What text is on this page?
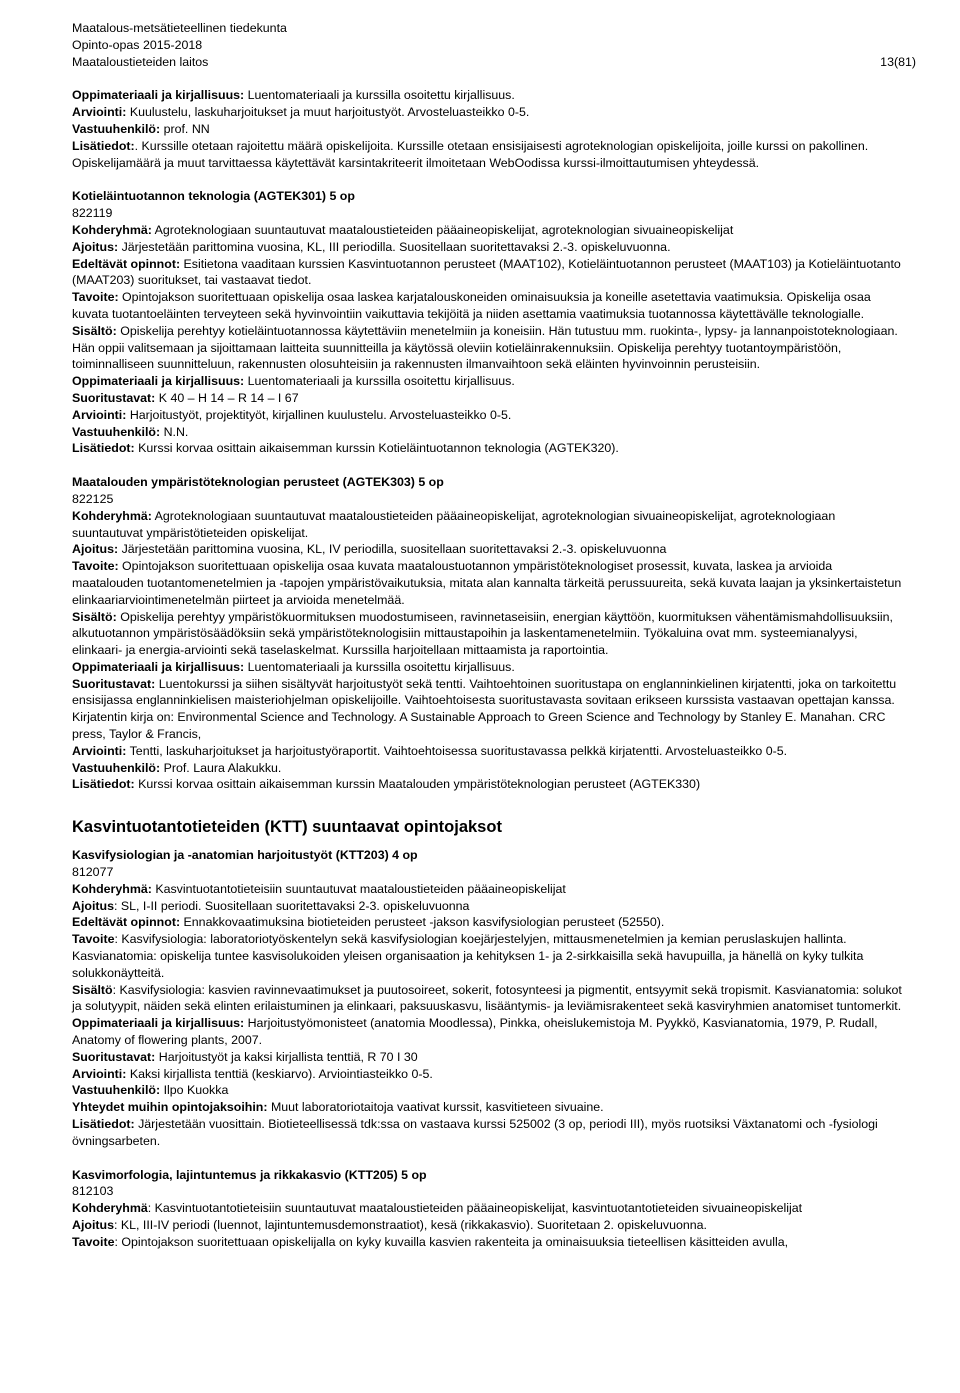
Maatalous-metsätieteellinen tiedekunta
Opinto-opas 2015-2018
Maataloustieteiden laitos	13(81)

Oppimateriaali ja kirjallisuus: Luentomateriaali ja kurssilla osoitettu kirjallisuus.

Arviointi: Kuulustelu, laskuharjoitukset ja muut harjoitustyöt. Arvosteluasteikko 0-5.

Vastuuhenkilö: prof. NN

Lisätiedot:. Kurssille otetaan rajoitettu määrä opiskelijoita. Kurssille otetaan ensisijaisesti agroteknologian opiskelijoita, joille kurssi on pakollinen. Opiskelijamäärä ja muut tarvittaessa käytettävät karsintakriteerit ilmoitetaan WebOodissa kurssi-ilmoittautumisen yhteydessä.

Kotieläintuotannon teknologia (AGTEK301) 5 op

822119

Kohderyhmä: Agroteknologiaan suuntautuvat maataloustieteiden pääaineopiskelijat, agroteknologian sivuaineopiskelijat

Ajoitus: Järjestetään parittomina vuosina, KL, III periodilla. Suositellaan suoritettavaksi 2.-3. opiskeluvuonna.

Edeltävät opinnot: Esitietona vaaditaan kurssien Kasvintuotannon perusteet (MAAT102), Kotieläintuotannon perusteet (MAAT103) ja Kotieläintuotanto (MAAT203) suoritukset, tai vastaavat tiedot.

Tavoite: Opintojakson suoritettuaan opiskelija osaa laskea karjatalouskoneiden ominaisuuksia ja koneille asetettavia vaatimuksia. Opiskelija osaa kuvata tuotantoeläinten terveyteen sekä hyvinvointiin vaikuttavia tekijöitä ja niiden asettamia vaatimuksia tuotannossa käytettävälle teknologialle.

Sisältö: Opiskelija perehtyy kotieläintuotannossa käytettäviin menetelmiin ja koneisiin. Hän tutustuu mm. ruokinta-, lypsy- ja lannanpoistoteknologiaan. Hän oppii valitsemaan ja sijoittamaan laitteita suunnitteilla ja käytössä oleviin kotieläinrakennuksiin. Opiskelija perehtyy tuotantoympäristöön, toiminnalliseen suunnitteluun, rakennusten olosuhteisiin ja rakennusten ilmanvaihtoon sekä eläinten hyvinvoinnin perusteisiin.

Oppimateriaali ja kirjallisuus: Luentomateriaali ja kurssilla osoitettu kirjallisuus.

Suoritustavat: K 40 – H 14 – R 14 – I 67

Arviointi: Harjoitustyöt, projektityöt, kirjallinen kuulustelu. Arvosteluasteikko 0-5.

Vastuuhenkilö: N.N.

Lisätiedot: Kurssi korvaa osittain aikaisemman kurssin Kotieläintuotannon teknologia (AGTEK320).

Maatalouden ympäristöteknologian perusteet (AGTEK303) 5 op

822125

Kohderyhmä: Agroteknologiaan suuntautuvat maataloustieteiden pääaineopiskelijat, agroteknologian sivuaineopiskelijat, agroteknologiaan suuntautuvat ympäristötieteiden opiskelijat.

Ajoitus: Järjestetään parittomina vuosina, KL, IV periodilla, suositellaan suoritettavaksi 2.-3. opiskeluvuonna

Tavoite: Opintojakson suoritettuaan opiskelija osaa kuvata maataloustuotannon ympäristöteknologiset prosessit, kuvata, laskea ja arvioida maatalouden tuotantomenetelmien ja -tapojen ympäristövaikutuksia, mitata alan kannalta tärkeitä perussuureita, sekä kuvata laajan ja yksinkertaistetun elinkaariarviointimenetelmän piirteet ja arvioida menetelmää.

Sisältö: Opiskelija perehtyy ympäristökuormituksen muodostumiseen, ravinnetaseisiin, energian käyttöön, kuormituksen vähentämismahdollisuuksiin, alkutuotannon ympäristösäädöksiin sekä ympäristöteknologisiin mittaustapoihin ja laskentamenetelmiin. Työkaluina ovat mm. systeemianalyysi, elinkaari- ja energia-arviointi sekä taselaskelmat. Kurssilla harjoitellaan mittaamista ja raportointia.

Oppimateriaali ja kirjallisuus: Luentomateriaali ja kurssilla osoitettu kirjallisuus.

Suoritustavat: Luentokurssi ja siihen sisältyvät harjoitustyöt sekä tentti. Vaihtoehtoinen suoritustapa on englanninkielinen kirjatentti, joka on tarkoitettu ensisijassa englanninkielisen maisteriohjelman opiskelijoille. Vaihtoehtoisesta suoritustavasta sovitaan erikseen kurssista vastaavan opettajan kanssa. Kirjatentin kirja on: Environmental Science and Technology. A Sustainable Approach to Green Science and Technology by Stanley E. Manahan. CRC press, Taylor & Francis,

Arviointi: Tentti, laskuharjoitukset ja harjoitustyöraportit. Vaihtoehtoisessa suoritustavassa pelkkä kirjatentti. Arvosteluasteikko 0-5.

Vastuuhenkilö: Prof. Laura Alakukku.

Lisätiedot: Kurssi korvaa osittain aikaisemman kurssin Maatalouden ympäristöteknologian perusteet (AGTEK330)

Kasvintuotantotieteiden (KTT) suuntaavat opintojaksot

Kasvifysiologian ja -anatomian harjoitustyöt (KTT203) 4 op

812077

Kohderyhmä: Kasvintuotantotieteisiin suuntautuvat maataloustieteiden pääaineopiskelijat

Ajoitus: SL, I-II periodi. Suositellaan suoritettavaksi 2-3. opiskeluvuonna

Edeltävät opinnot: Ennakkovaatimuksina biotieteiden perusteet -jakson kasvifysiologian perusteet (52550).

Tavoite: Kasvifysiologia: laboratoriotyöskentelyn sekä kasvifysiologian koejärjestelyjen, mittausmenetelmien ja kemian peruslaskujen hallinta. Kasvianatomia: opiskelija tuntee kasvisolukoiden yleisen organisaation ja kehityksen 1- ja 2-sirkkaisilla sekä havupuilla, ja hänellä on kyky tulkita solukkonäytteitä.

Sisältö: Kasvifysiologia: kasvien ravinnevaatimukset ja puutosoireet, sokerit, fotosynteesi ja pigmentit, entsyymit sekä tropismit. Kasvianatomia: solukot ja solutyypit, näiden sekä elinten erilaistuminen ja elinkaari, paksuuskasvu, lisääntymis- ja leviämisrakenteet sekä kasviryhmien anatomiset tuntomerkit.

Oppimateriaali ja kirjallisuus: Harjoitustyömonisteet (anatomia Moodlessa), Pinkka, oheislukemistoja M. Pyykkö, Kasvianatomia, 1979, P. Rudall, Anatomy of flowering plants, 2007.

Suoritustavat: Harjoitustyöt ja kaksi kirjallista tenttiä, R 70 I 30

Arviointi: Kaksi kirjallista tenttiä (keskiarvo). Arviointiasteikko 0-5.

Vastuuhenkilö: Ilpo Kuokka

Yhteydet muihin opintojaksoihin: Muut laboratoriotaitoja vaativat kurssit, kasvitieteen sivuaine.

Lisätiedot: Järjestetään vuosittain. Biotieteellisessä tdk:ssa on vastaava kurssi 525002 (3 op, periodi III), myös ruotsiksi Växtanatomi och -fysiologi övningsarbeten.

Kasvimorfologia, lajintuntemus ja rikkakasvio (KTT205) 5 op

812103

Kohderyhmä: Kasvintuotantotieteisiin suuntautuvat maataloustieteiden pääaineopiskelijat, kasvintuotantotieteiden sivuaineopiskelijat

Ajoitus: KL, III-IV periodi (luennot, lajintuntemusdemonstraatiot), kesä (rikkakasvio). Suoritetaan 2. opiskeluvuonna.

Tavoite: Opintojakson suoritettuaan opiskelijalla on kyky kuvailla kasvien rakenteita ja ominaisuuksia tieteellisen käsitteiden avulla,
